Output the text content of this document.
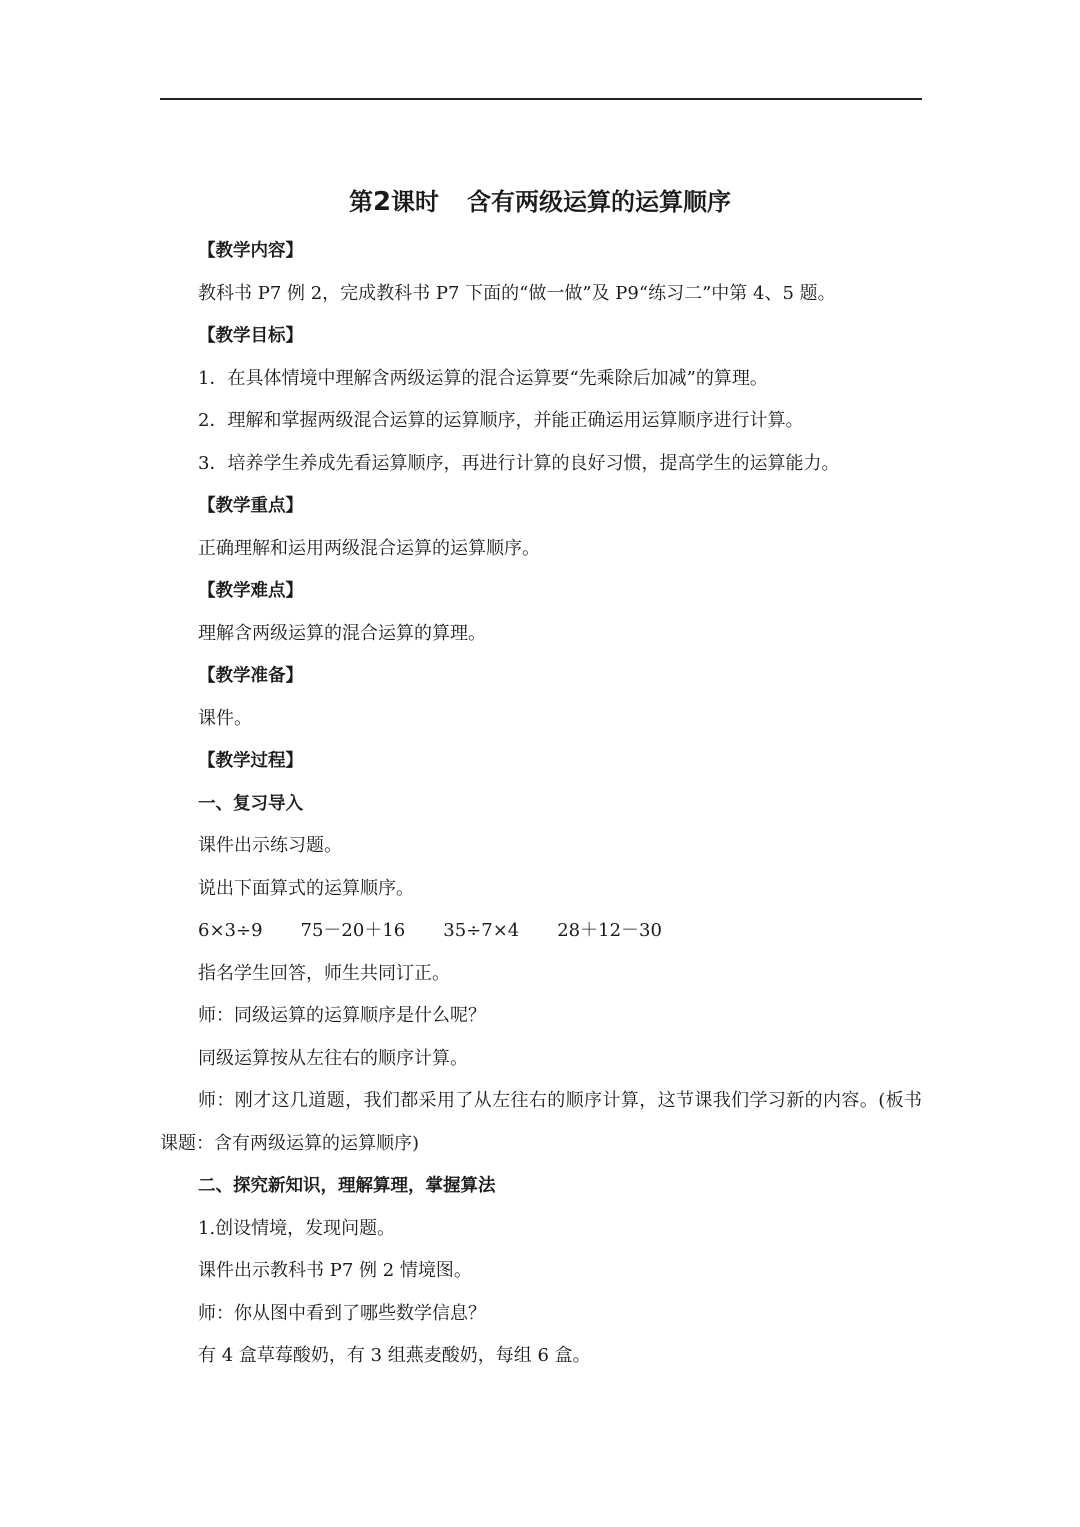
第2课时 含有两级运算的运算顺序
【教学内容】
教科书 P7 例 2，完成教科书 P7 下面的“做一做”及 P9“练习二”中第 4、5 题。
【教学目标】
1．在具体情境中理解含两级运算的混合运算要“先乘除后加减”的算理。
2．理解和掌握两级混合运算的运算顺序，并能正确运用运算顺序进行计算。
3．培养学生养成先看运算顺序，再进行计算的良好习惯，提高学生的运算能力。
【教学重点】
正确理解和运用两级混合运算的运算顺序。
【教学难点】
理解含两级运算的混合运算的算理。
【教学准备】
课件。
【教学过程】
一、复习导入
课件出示练习题。
说出下面算式的运算顺序。
6×3÷9 75－20＋16 35÷7×4 28＋12－30
指名学生回答，师生共同订正。
师：同级运算的运算顺序是什么呢？
同级运算按从左往右的顺序计算。
师：刚才这几道题，我们都采用了从左往右的顺序计算，这节课我们学习新的内容。(板书课题：含有两级运算的运算顺序)
二、探究新知识，理解算理，掌握算法
1.创设情境，发现问题。
课件出示教科书 P7 例 2 情境图。
师：你从图中看到了哪些数学信息？
有 4 盒草莓酸奶，有 3 组燕麦酸奶，每组 6 盒。
